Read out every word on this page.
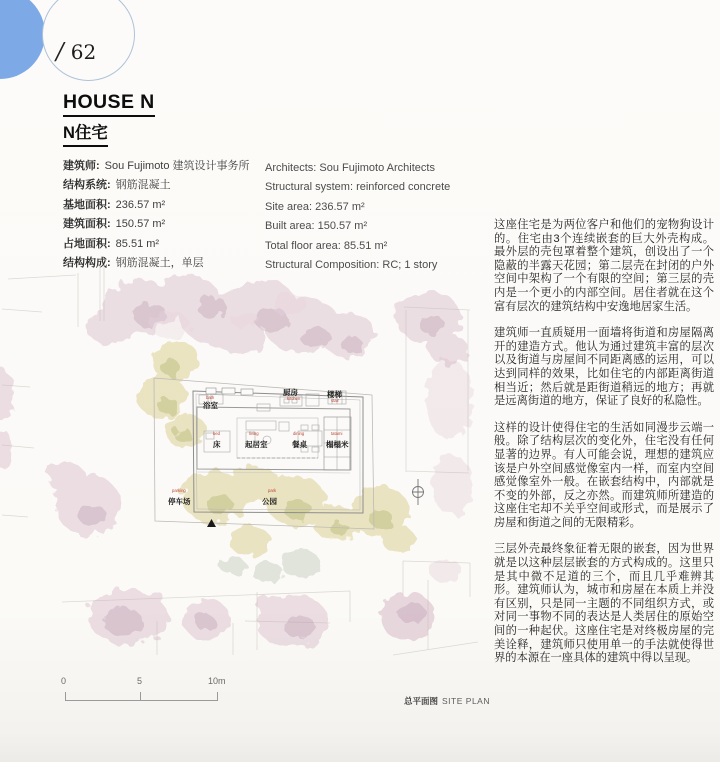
/ 62
HOUSE N
N住宅
建筑师: Sou Fujimoto 建筑设计事务所
结构系统: 钢筋混凝土
基地面积: 236.57 m²
建筑面积: 150.57 m²
占地面积: 85.51 m²
结构构成: 钢筋混凝土，单层
Architects: Sou Fujimoto Architects
Structural system: reinforced concrete
Site area: 236.57 m²
Built area: 150.57 m²
Total floor area: 85.51 m²
Structural Composition: RC; 1 story
kitchen
厨房
stair
楼梯
bath
浴室
bed
床
living
起居室
dining
餐桌
tatami
榻榻米
parking
停车场
park
公园
0	5	10m
总平面图 SITE PLAN

这座住宅是为两位客户和他们的宠物狗设计的。住宅由3个连续嵌套的巨大外壳构成。最外层的壳包罩着整个建筑，创设出了一个隐蔽的半露天花园；第二层壳在封闭的户外空间中架构了一个有限的空间；第三层的壳内是一个更小的内部空间。居住者就在这个富有层次的建筑结构中安逸地居家生活。

建筑师一直质疑用一面墙将街道和房屋隔离开的建造方式。他认为通过建筑丰富的层次以及街道与房屋间不同距离感的运用，可以达到同样的效果，比如住宅的内部距离街道相当近；然后就是距街道稍远的地方；再就是远离街道的地方，保证了良好的私隐性。

这样的设计使得住宅的生活如同漫步云端一般。除了结构层次的变化外，住宅没有任何显著的边界。有人可能会说，理想的建筑应该是户外空间感觉像室内一样，而室内空间感觉像室外一般。在嵌套结构中，内部就是不变的外部，反之亦然。而建筑师所建造的这座住宅却不关乎空间或形式，而是展示了房屋和街道之间的无限精彩。

三层外壳最终象征着无限的嵌套，因为世界就是以这种层层嵌套的方式构成的。这里只是其中微不足道的三个，而且几乎难辨其形。建筑师认为，城市和房屋在本质上并没有区别，只是同一主题的不同组织方式，或对同一事物不同的表达是人类居住的原始空间的一种起伏。这座住宅是对终极房屋的完美诠释，建筑师只使用单一的手法就使得世界的本源在一座具体的建筑中得以呈现。
